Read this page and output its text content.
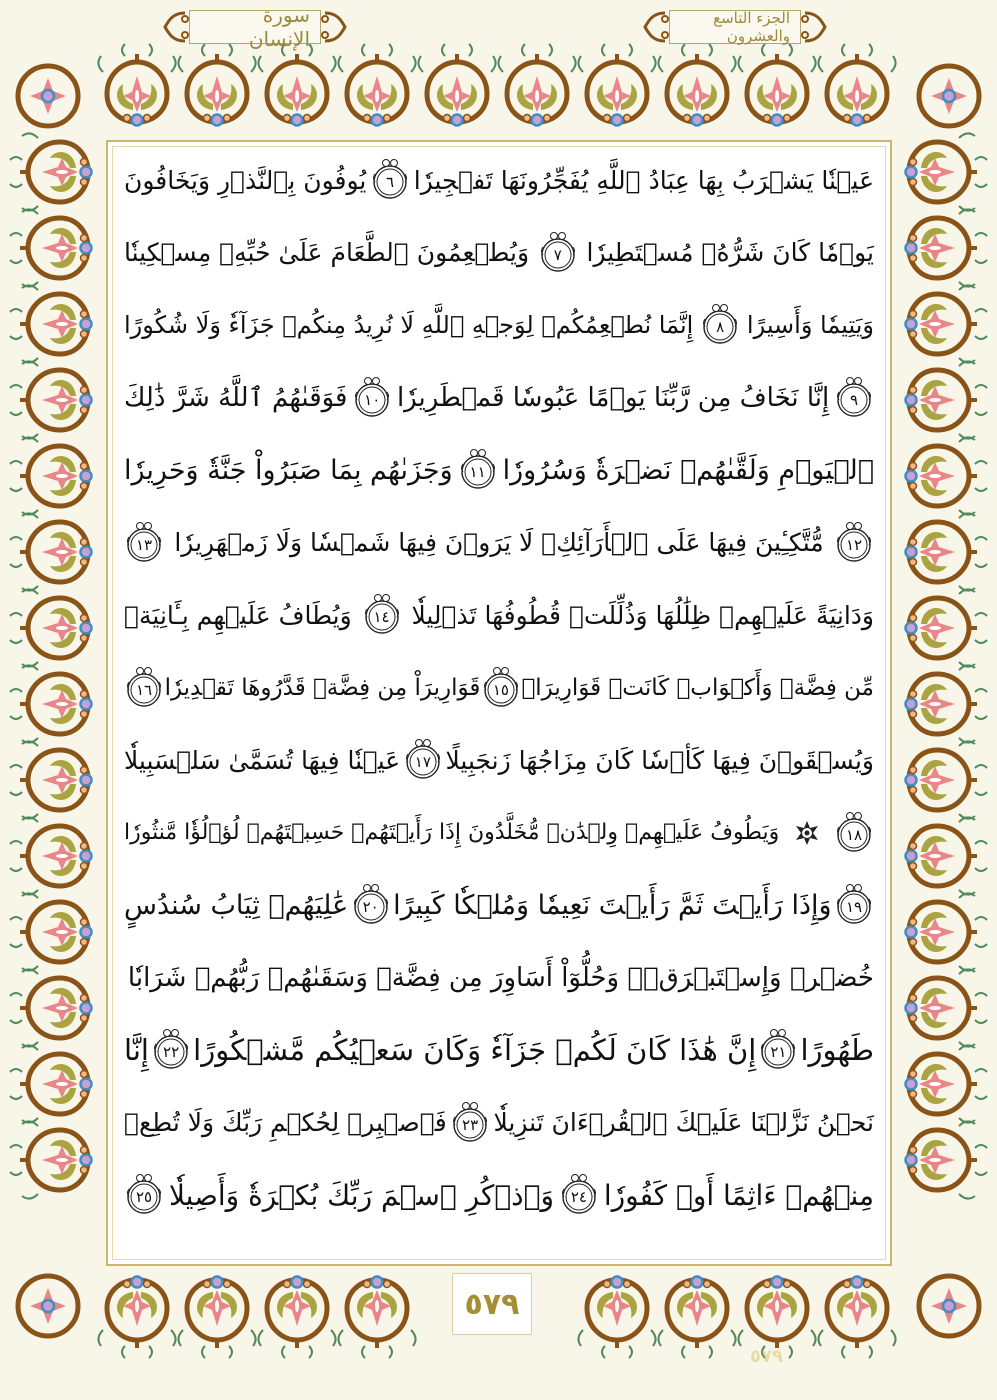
سورة الإنسان
الجزء التاسع والعشرون
عَيۡنٗا يَشۡرَبُ بِهَا عِبَادُ ٱللَّهِ يُفَجِّرُونَهَا تَفۡجِيرٗا
٦
يُوفُونَ بِٱلنَّذۡرِ وَيَخَافُونَ
يَوۡمٗا كَانَ شَرُّهُۥ مُسۡتَطِيرٗا
٧
وَيُطۡعِمُونَ ٱلطَّعَامَ عَلَىٰ حُبِّهِۦ مِسۡكِينٗا
وَيَتِيمٗا وَأَسِيرًا
٨
إِنَّمَا نُطۡعِمُكُمۡ لِوَجۡهِ ٱللَّهِ لَا نُرِيدُ مِنكُمۡ جَزَآءٗ وَلَا شُكُورًا
٩
إِنَّا نَخَافُ مِن رَّبِّنَا يَوۡمًا عَبُوسٗا قَمۡطَرِيرٗا
١٠
فَوَقَىٰهُمُ ٱللَّهُ شَرَّ ذَٰلِكَ
ٱلۡيَوۡمِ وَلَقَّىٰهُمۡ نَضۡرَةٗ وَسُرُورٗا
١١
وَجَزَىٰهُم بِمَا صَبَرُواْ جَنَّةٗ وَحَرِيرٗا
١٢
مُّتَّكِـِٔينَ فِيهَا عَلَى ٱلۡأَرَآئِكِۖ لَا يَرَوۡنَ فِيهَا شَمۡسٗا وَلَا زَمۡهَرِيرٗا
١٣
وَدَانِيَةً عَلَيۡهِمۡ ظِلَٰلُهَا وَذُلِّلَتۡ قُطُوفُهَا تَذۡلِيلٗا
١٤
وَيُطَافُ عَلَيۡهِم بِـَٔانِيَةٖ
مِّن فِضَّةٖ وَأَكۡوَابٖ كَانَتۡ قَوَارِيرَا۠
١٥
قَوَارِيرَاْ مِن فِضَّةٖ قَدَّرُوهَا تَقۡدِيرٗا
١٦
وَيُسۡقَوۡنَ فِيهَا كَأۡسٗا كَانَ مِزَاجُهَا زَنجَبِيلًا
١٧
عَيۡنٗا فِيهَا تُسَمَّىٰ سَلۡسَبِيلٗا
١٨
وَيَطُوفُ عَلَيۡهِمۡ وِلۡدَٰنٞ مُّخَلَّدُونَ إِذَا رَأَيۡتَهُمۡ حَسِبۡتَهُمۡ لُؤۡلُؤٗا مَّنثُورٗا
١٩
وَإِذَا رَأَيۡتَ ثَمَّ رَأَيۡتَ نَعِيمٗا وَمُلۡكٗا كَبِيرًا
٢٠
عَٰلِيَهُمۡ ثِيَابُ سُندُسٍ
خُضۡرٞ وَإِسۡتَبۡرَقٞۖ وَحُلُّوٓاْ أَسَاوِرَ مِن فِضَّةٖ وَسَقَىٰهُمۡ رَبُّهُمۡ شَرَابٗا
طَهُورًا
٢١
إِنَّ هَٰذَا كَانَ لَكُمۡ جَزَآءٗ وَكَانَ سَعۡيُكُم مَّشۡكُورًا
٢٢
إِنَّا
نَحۡنُ نَزَّلۡنَا عَلَيۡكَ ٱلۡقُرۡءَانَ تَنزِيلٗا
٢٣
فَٱصۡبِرۡ لِحُكۡمِ رَبِّكَ وَلَا تُطِعۡ
مِنۡهُمۡ ءَاثِمًا أَوۡ كَفُورٗا
٢٤
وَٱذۡكُرِ ٱسۡمَ رَبِّكَ بُكۡرَةٗ وَأَصِيلٗا
٢٥
٥٧٩
٥٧٩
